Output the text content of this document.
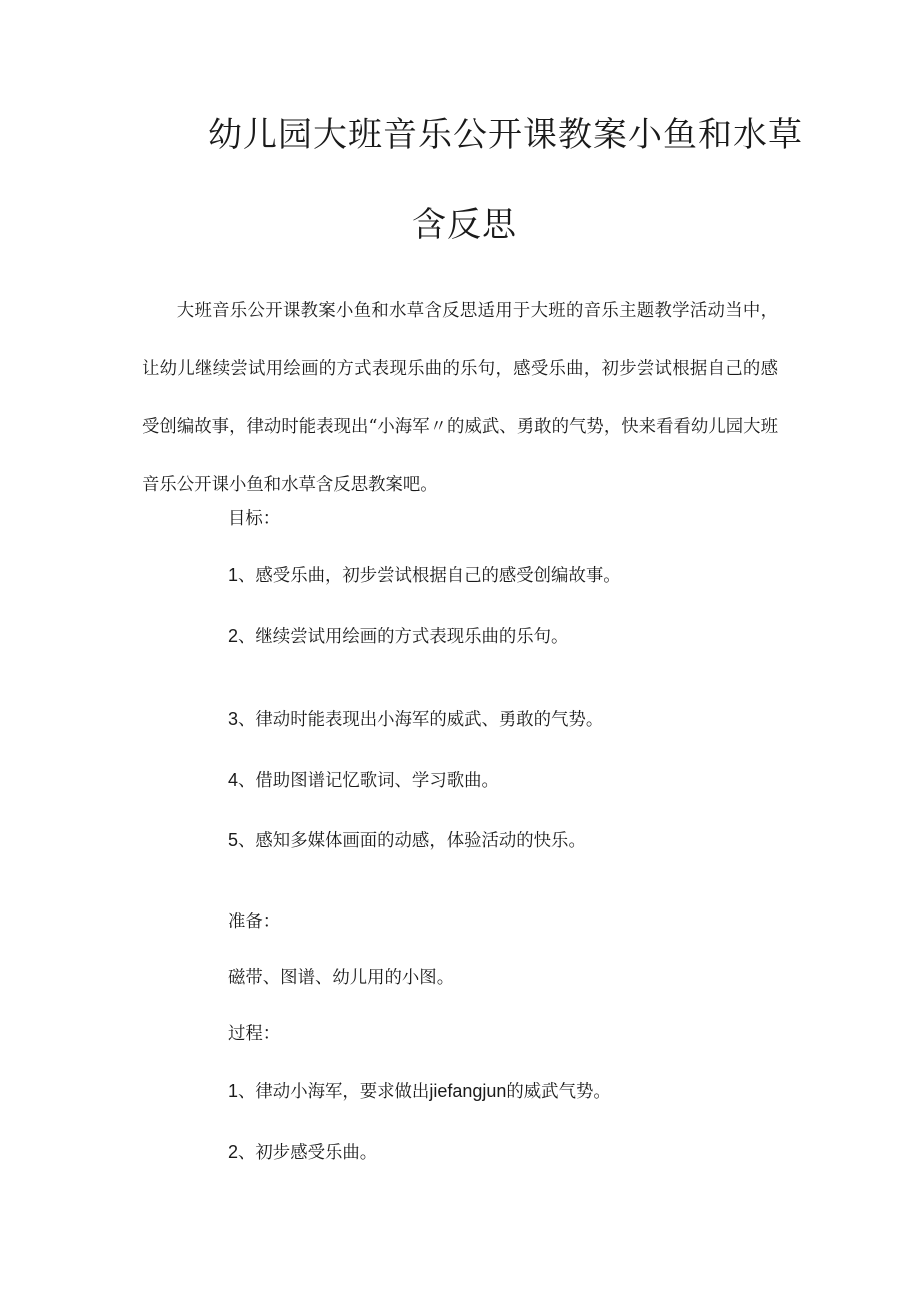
幼儿园大班音乐公开课教案小鱼和水草
含反思
大班音乐公开课教案小鱼和水草含反思适用于大班的音乐主题教学活动当中，让幼儿继续尝试用绘画的方式表现乐曲的乐句，感受乐曲，初步尝试根据自己的感受创编故事，律动时能表现出“小海军〃的威武、勇敢的气势，快来看看幼儿园大班音乐公开课小鱼和水草含反思教案吧。
目标：
1、感受乐曲，初步尝试根据自己的感受创编故事。
2、继续尝试用绘画的方式表现乐曲的乐句。
3、律动时能表现出小海军的威武、勇敢的气势。
4、借助图谱记忆歌词、学习歌曲。
5、感知多媒体画面的动感，体验活动的快乐。
准备：
磁带、图谱、幼儿用的小图。
过程：
1、律动小海军，要求做出jiefangjun的威武气势。
2、初步感受乐曲。
